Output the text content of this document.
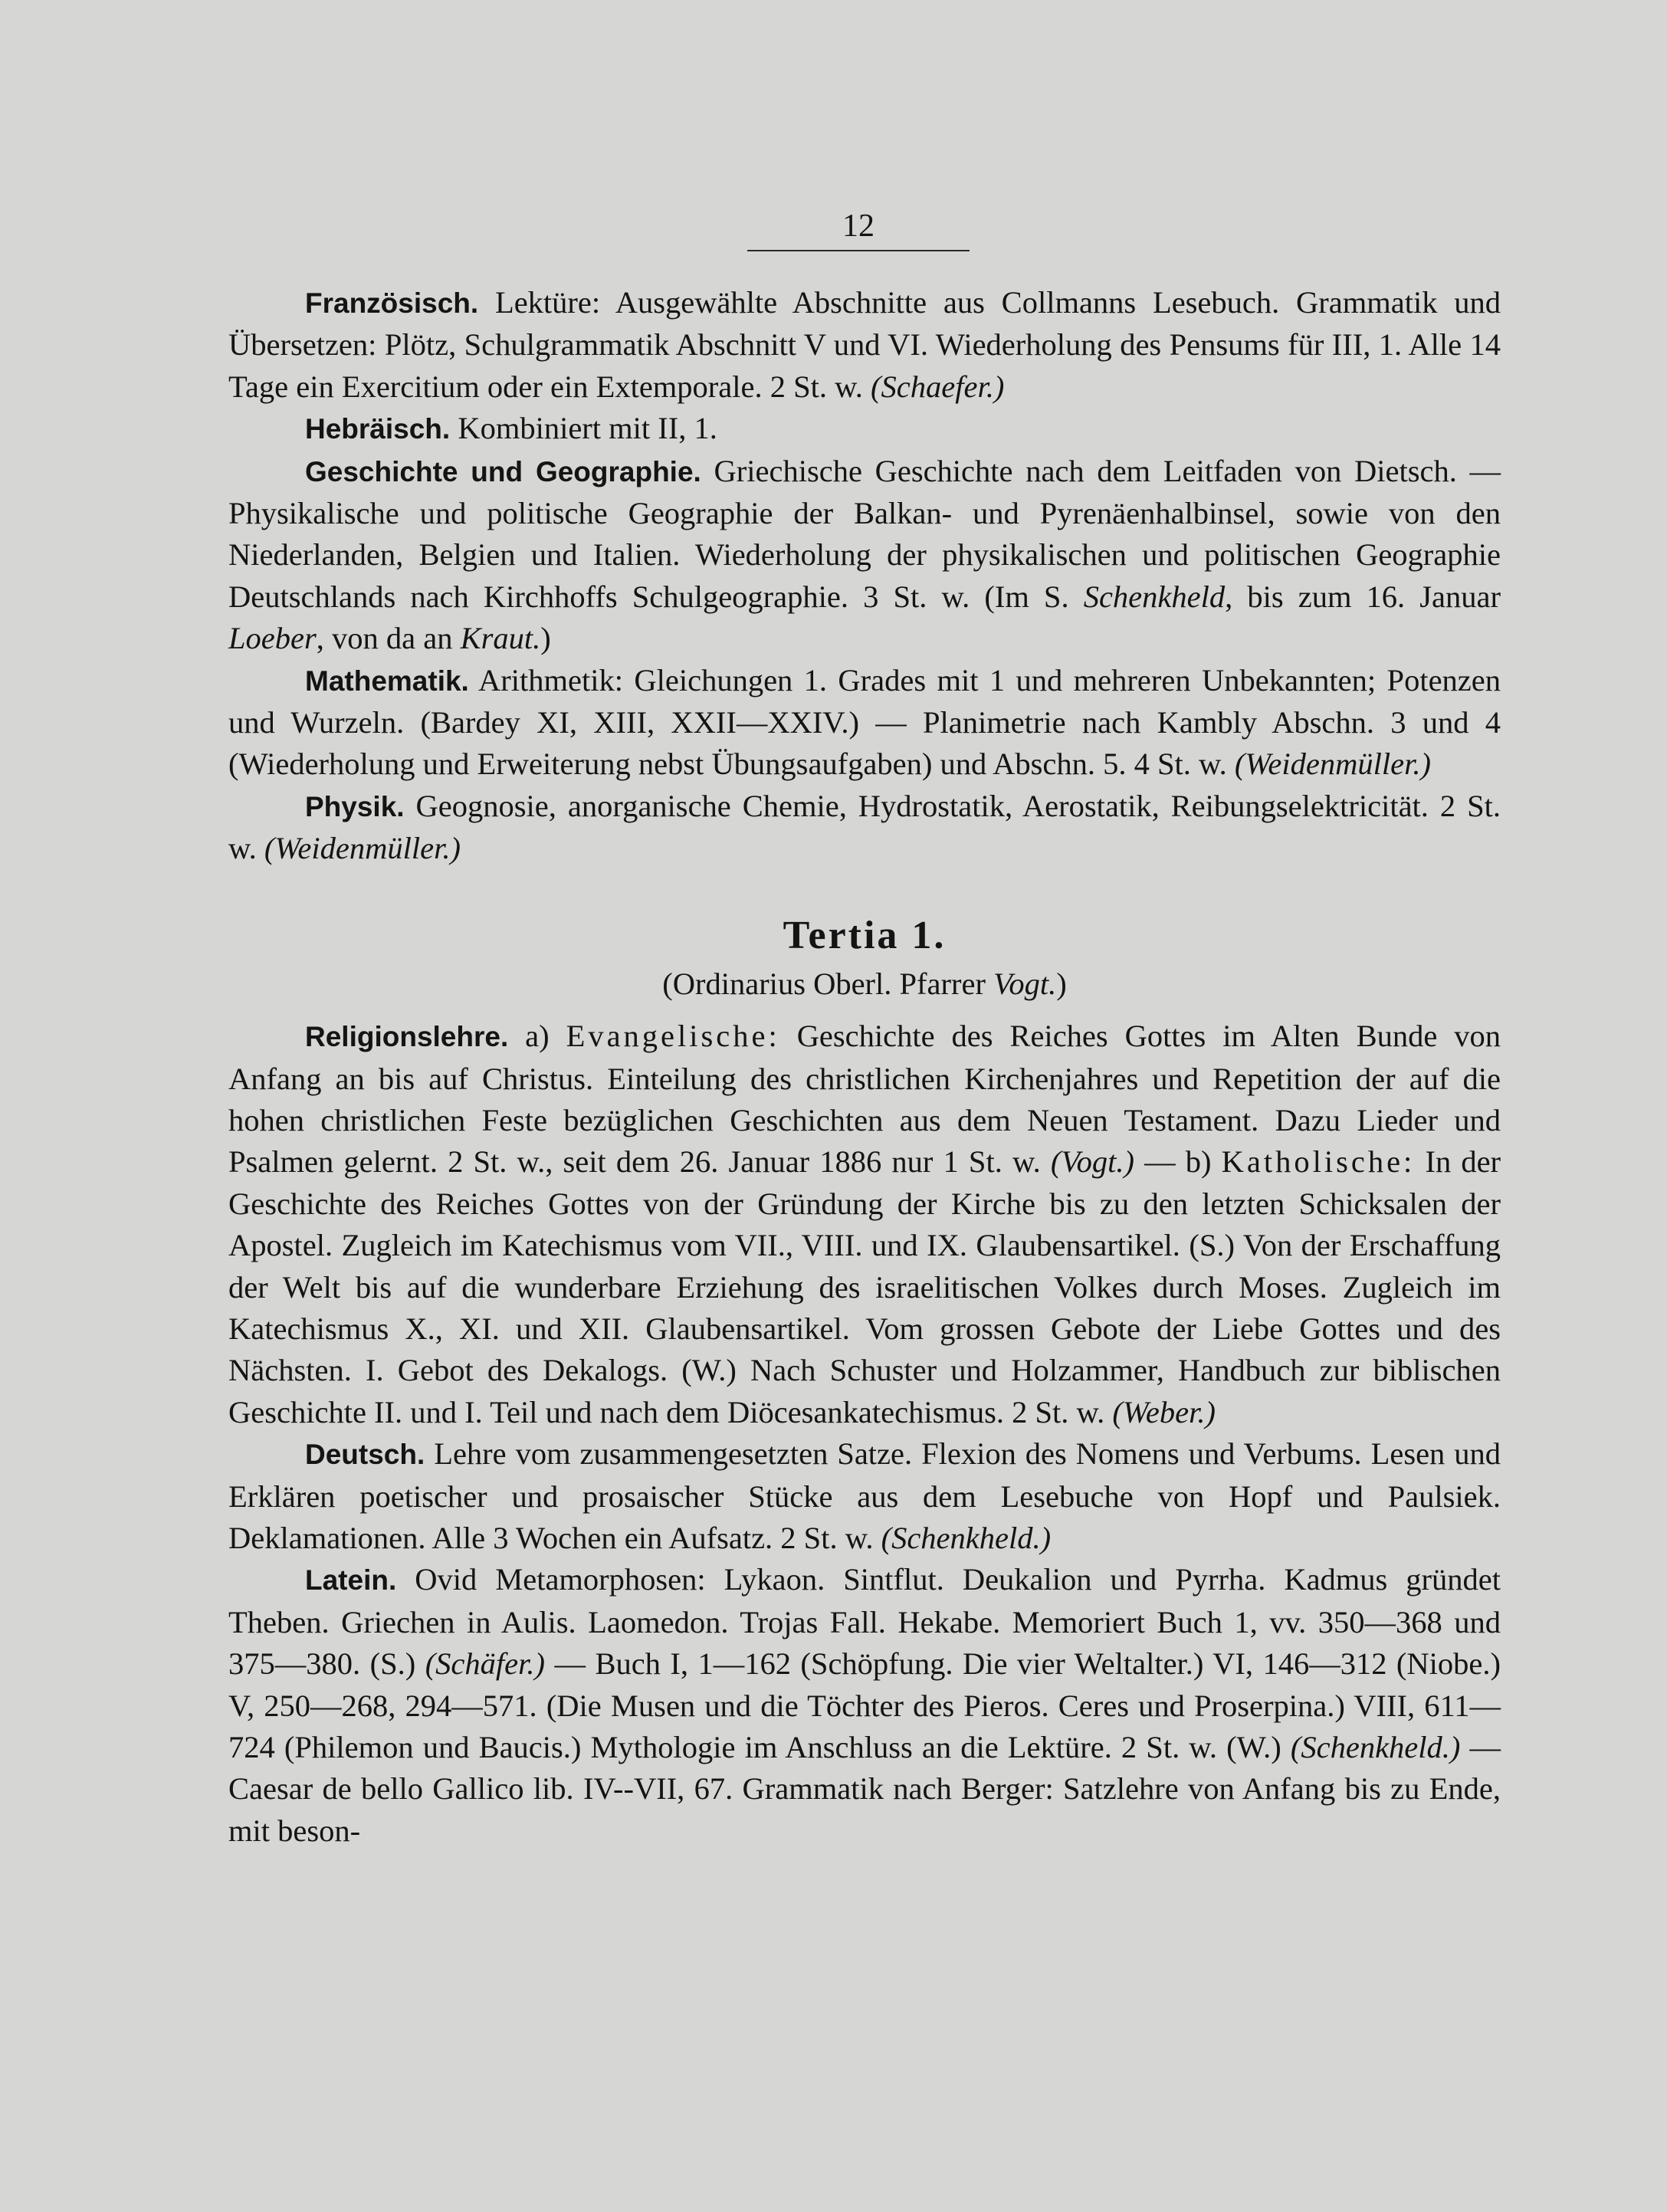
12

Französisch. Lektüre: Ausgewählte Abschnitte aus Collmanns Lesebuch. Grammatik und Übersetzen: Plötz, Schulgrammatik Abschnitt V und VI. Wiederholung des Pensums für III, 1. Alle 14 Tage ein Exercitium oder ein Extemporale. 2 St. w. (Schaefer.)

Hebräisch. Kombiniert mit II, 1.

Geschichte und Geographie. Griechische Geschichte nach dem Leitfaden von Dietsch. — Physikalische und politische Geographie der Balkan- und Pyrenäenhalbinsel, sowie von den Niederlanden, Belgien und Italien. Wiederholung der physikalischen und politischen Geographie Deutschlands nach Kirchhoffs Schulgeographie. 3 St. w. (Im S. Schenkheld, bis zum 16. Januar Loeber, von da an Kraut.)

Mathematik. Arithmetik: Gleichungen 1. Grades mit 1 und mehreren Unbekannten; Potenzen und Wurzeln. (Bardey XI, XIII, XXII—XXIV.) — Planimetrie nach Kambly Abschn. 3 und 4 (Wiederholung und Erweiterung nebst Übungsaufgaben) und Abschn. 5. 4 St. w. (Weidenmüller.)

Physik. Geognosie, anorganische Chemie, Hydrostatik, Aerostatik, Reibungselektricität. 2 St. w. (Weidenmüller.)

Tertia 1.
(Ordinarius Oberl. Pfarrer Vogt.)

Religionslehre. a) Evangelische: Geschichte des Reiches Gottes im Alten Bunde von Anfang an bis auf Christus. Einteilung des christlichen Kirchenjahres und Repetition der auf die hohen christlichen Feste bezüglichen Geschichten aus dem Neuen Testament. Dazu Lieder und Psalmen gelernt. 2 St. w., seit dem 26. Januar 1886 nur 1 St. w. (Vogt.) — b) Katholische: In der Geschichte des Reiches Gottes von der Gründung der Kirche bis zu den letzten Schicksalen der Apostel. Zugleich im Katechismus vom VII., VIII. und IX. Glaubensartikel. (S.) Von der Erschaffung der Welt bis auf die wunderbare Erziehung des israelitischen Volkes durch Moses. Zugleich im Katechismus X., XI. und XII. Glaubensartikel. Vom grossen Gebote der Liebe Gottes und des Nächsten. I. Gebot des Dekalogs. (W.) Nach Schuster und Holzammer, Handbuch zur biblischen Geschichte II. und I. Teil und nach dem Diöcesankatechismus. 2 St. w. (Weber.)

Deutsch. Lehre vom zusammengesetzten Satze. Flexion des Nomens und Verbums. Lesen und Erklären poetischer und prosaischer Stücke aus dem Lesebuche von Hopf und Paulsiek. Deklamationen. Alle 3 Wochen ein Aufsatz. 2 St. w. (Schenkheld.)

Latein. Ovid Metamorphosen: Lykaon. Sintflut. Deukalion und Pyrrha. Kadmus gründet Theben. Griechen in Aulis. Laomedon. Trojas Fall. Hekabe. Memoriert Buch 1, vv. 350—368 und 375—380. (S.) (Schäfer.) — Buch I, 1—162 (Schöpfung. Die vier Weltalter.) VI, 146—312 (Niobe.) V, 250—268, 294—571. (Die Musen und die Töchter des Pieros. Ceres und Proserpina.) VIII, 611—724 (Philemon und Baucis.) Mythologie im Anschluss an die Lektüre. 2 St. w. (W.) (Schenkheld.) — Caesar de bello Gallico lib. IV--VII, 67. Grammatik nach Berger: Satzlehre von Anfang bis zu Ende, mit beson-
